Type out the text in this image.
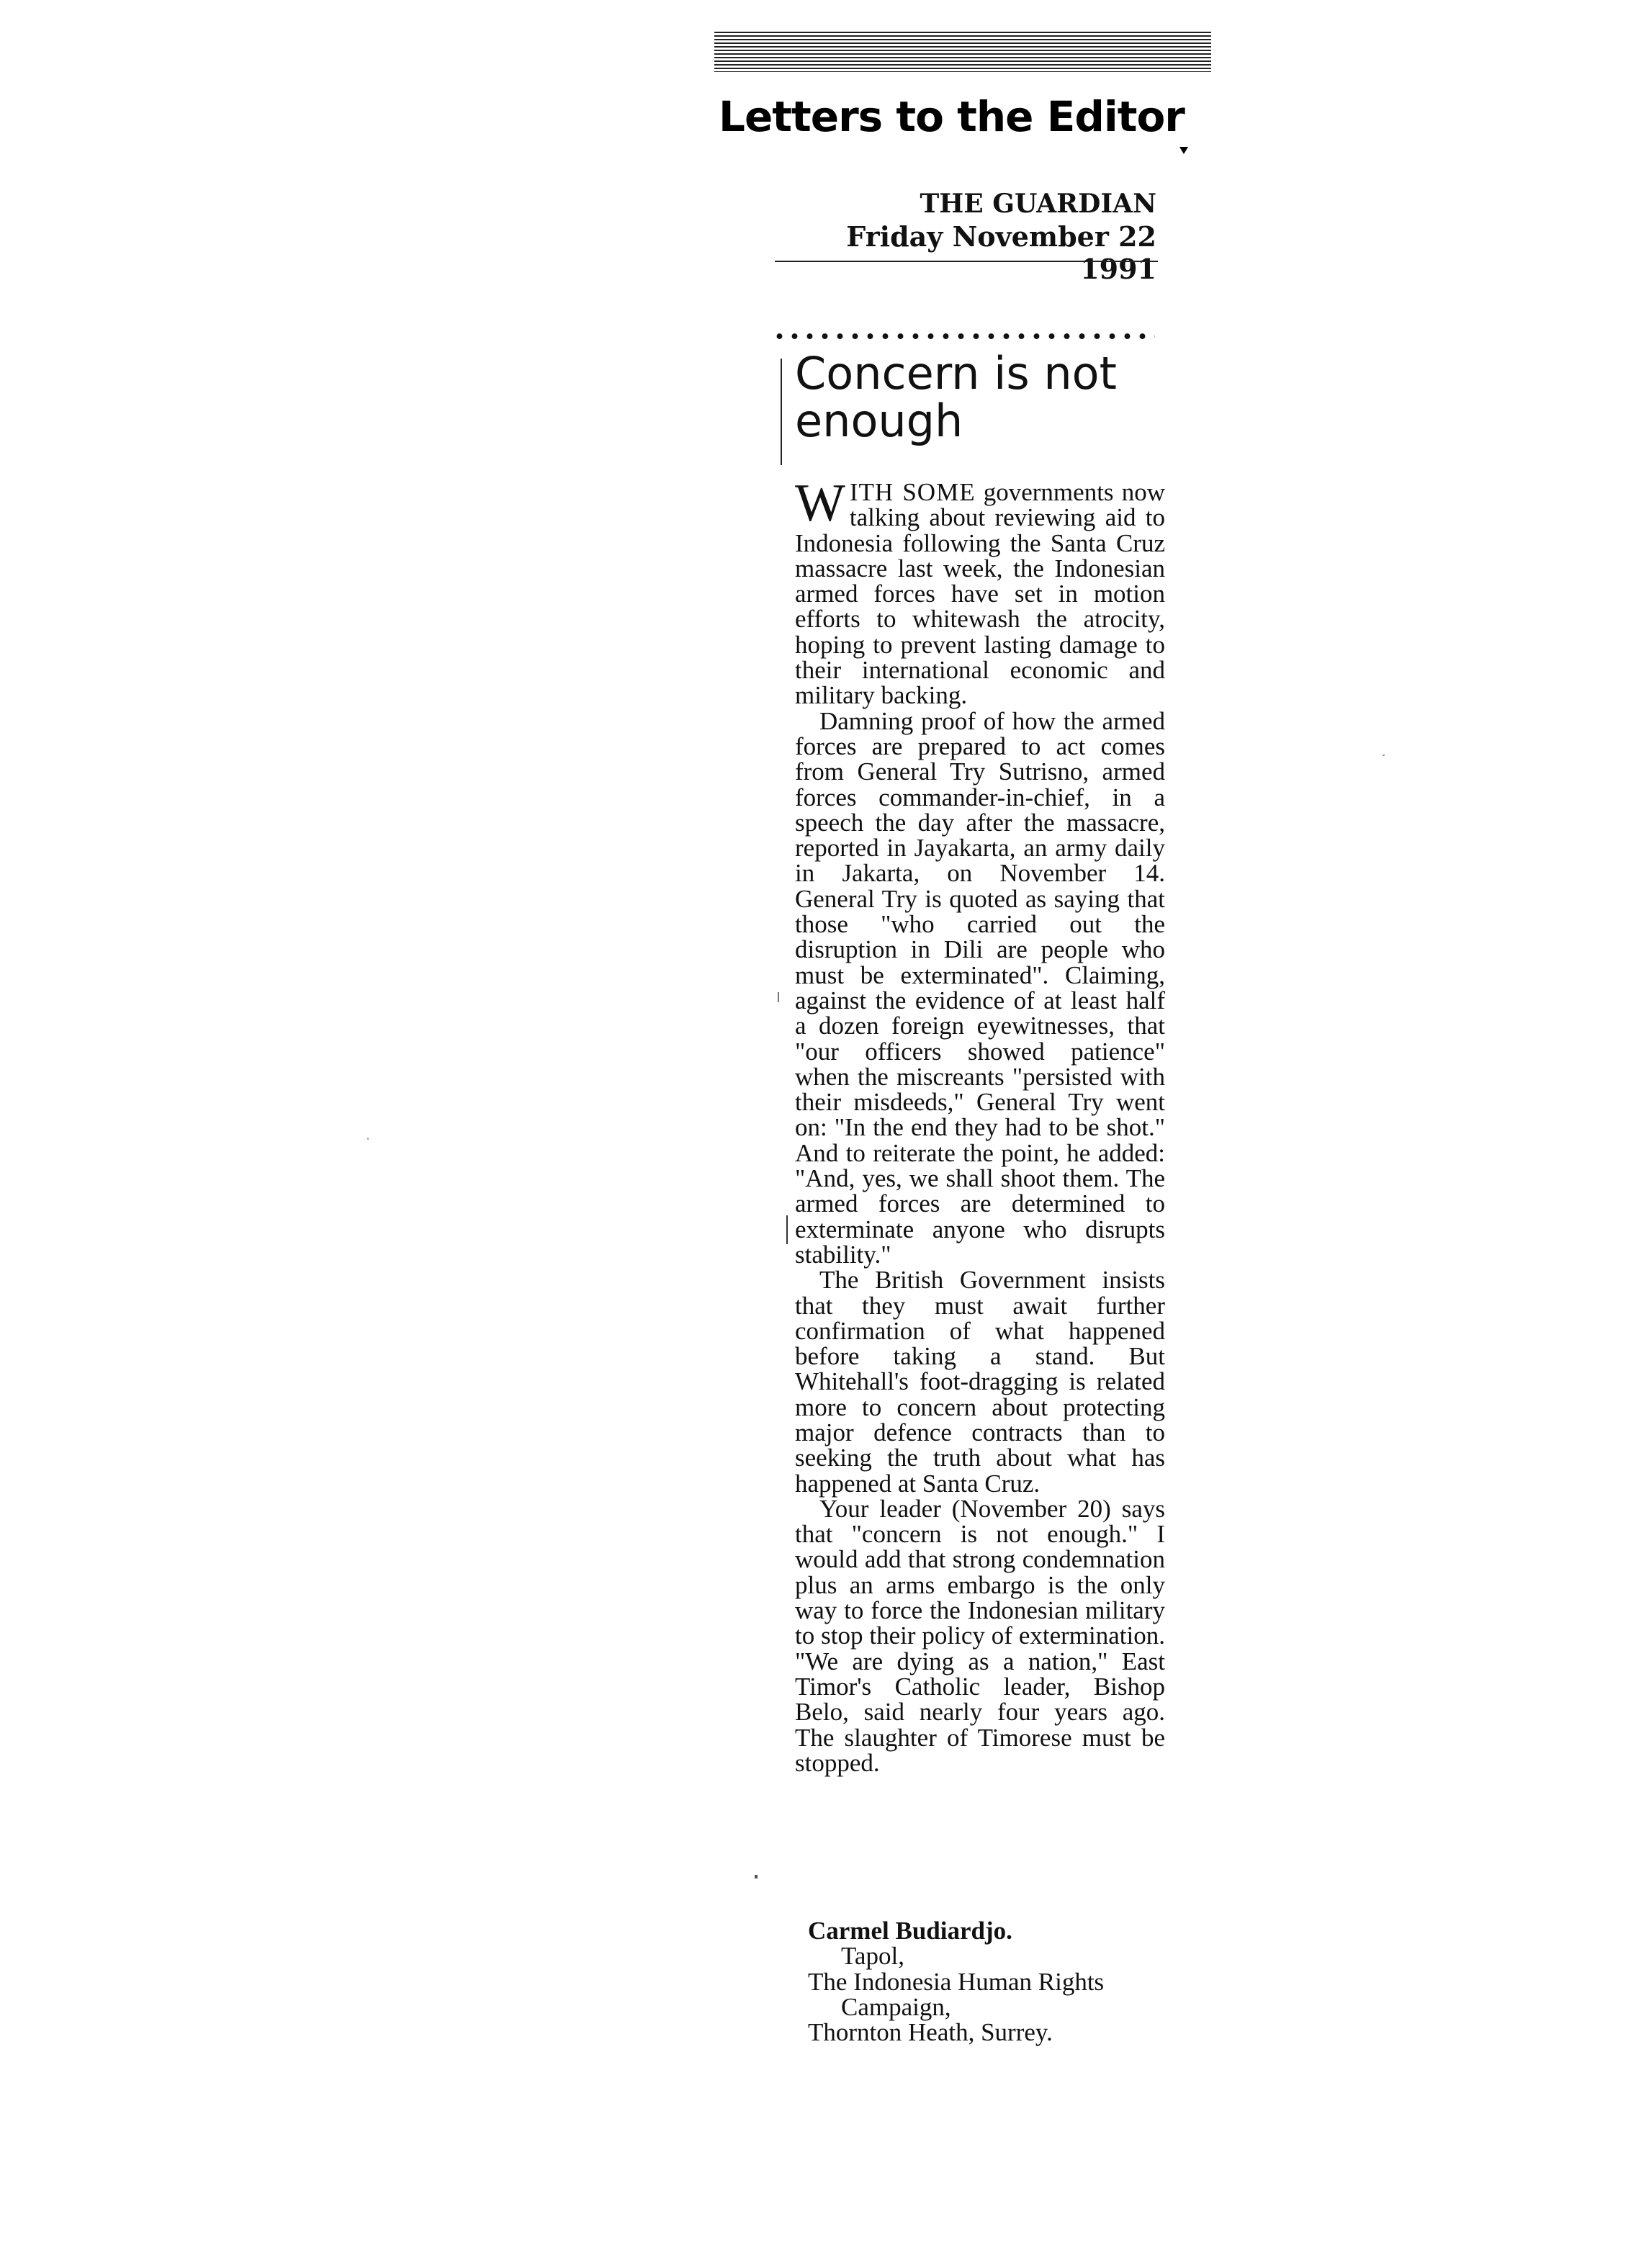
Letters to the Editor

THE GUARDIAN

Friday November 22 1991

Concern is not enough

WITH SOME governments now talking about reviewing aid to Indonesia following the Santa Cruz massacre last week, the Indonesian armed forces have set in motion efforts to whitewash the atrocity, hoping to prevent lasting damage to their international economic and military backing.

Damning proof of how the armed forces are prepared to act comes from General Try Sutrisno, armed forces commander-in-chief, in a speech the day after the massacre, reported in Jayakarta, an army daily in Jakarta, on November 14. General Try is quoted as saying that those "who carried out the disruption in Dili are people who must be exterminated". Claiming, against the evidence of at least half a dozen foreign eyewitnesses, that "our officers showed patience" when the miscreants "persisted with their misdeeds," General Try went on: "In the end they had to be shot." And to reiterate the point, he added: "And, yes, we shall shoot them. The armed forces are determined to exterminate anyone who disrupts stability."

The British Government insists that they must await further confirmation of what happened before taking a stand. But Whitehall's foot-dragging is related more to concern about protecting major defence contracts than to seeking the truth about what has happened at Santa Cruz.

Your leader (November 20) says that "concern is not enough." I would add that strong condemnation plus an arms embargo is the only way to force the Indonesian military to stop their policy of extermination. "We are dying as a nation," East Timor's Catholic leader, Bishop Belo, said nearly four years ago. The slaughter of Timorese must be stopped.

Carmel Budiardjo.
Tapol,
The Indonesia Human Rights
Campaign,
Thornton Heath, Surrey.
